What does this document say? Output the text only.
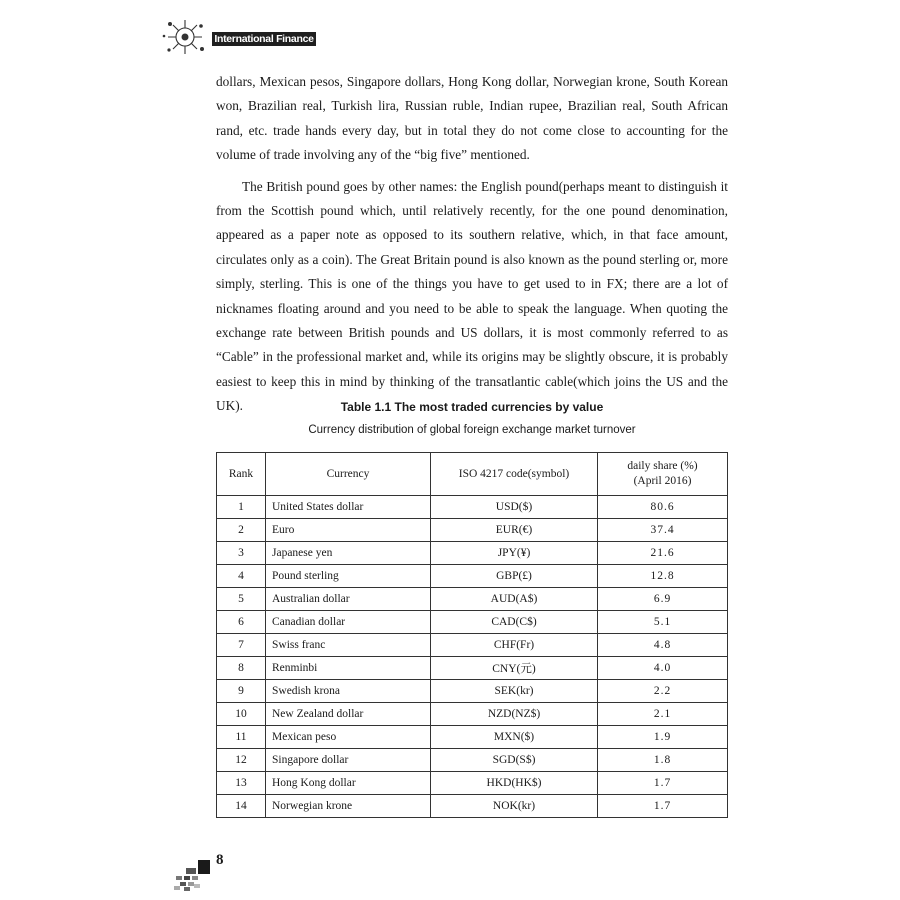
International Finance

dollars, Mexican pesos, Singapore dollars, Hong Kong dollar, Norwegian krone, South Korean won, Brazilian real, Turkish lira, Russian ruble, Indian rupee, Brazilian real, South African rand, etc. trade hands every day, but in total they do not come close to accounting for the volume of trade involving any of the “big five” mentioned.

The British pound goes by other names: the English pound(perhaps meant to distinguish it from the Scottish pound which, until relatively recently, for the one pound denomination, appeared as a paper note as opposed to its southern relative, which, in that face amount, circulates only as a coin). The Great Britain pound is also known as the pound sterling or, more simply, sterling. This is one of the things you have to get used to in FX; there are a lot of nicknames floating around and you need to be able to speak the language. When quoting the exchange rate between British pounds and US dollars, it is most commonly referred to as “Cable” in the professional market and, while its origins may be slightly obscure, it is probably easiest to keep this in mind by thinking of the transatlantic cable(which joins the US and the UK).	Table 1.1 The most traded currencies by value
Currency distribution of global foreign exchange market turnover
Rank	Currency	ISO 4217 code(symbol)	daily share (%)
(April 2016)
1	United States dollar	USD($)	80.6
2	Euro	EUR(€)	37.4
3	Japanese yen	JPY(¥)	21.6
4	Pound sterling	GBP(£)	12.8
5	Australian dollar	AUD(A$)	6.9
6	Canadian dollar	CAD(C$)	5.1
7	Swiss franc	CHF(Fr)	4.8
8	Renminbi	CNY(元)	4.0
9	Swedish krona	SEK(kr)	2.2
10	New Zealand dollar	NZD(NZ$)	2.1
11	Mexican peso	MXN($)	1.9
12	Singapore dollar	SGD(S$)	1.8
13	Hong Kong dollar	HKD(HK$)	1.7
14	Norwegian krone	NOK(kr)	1.7
8
